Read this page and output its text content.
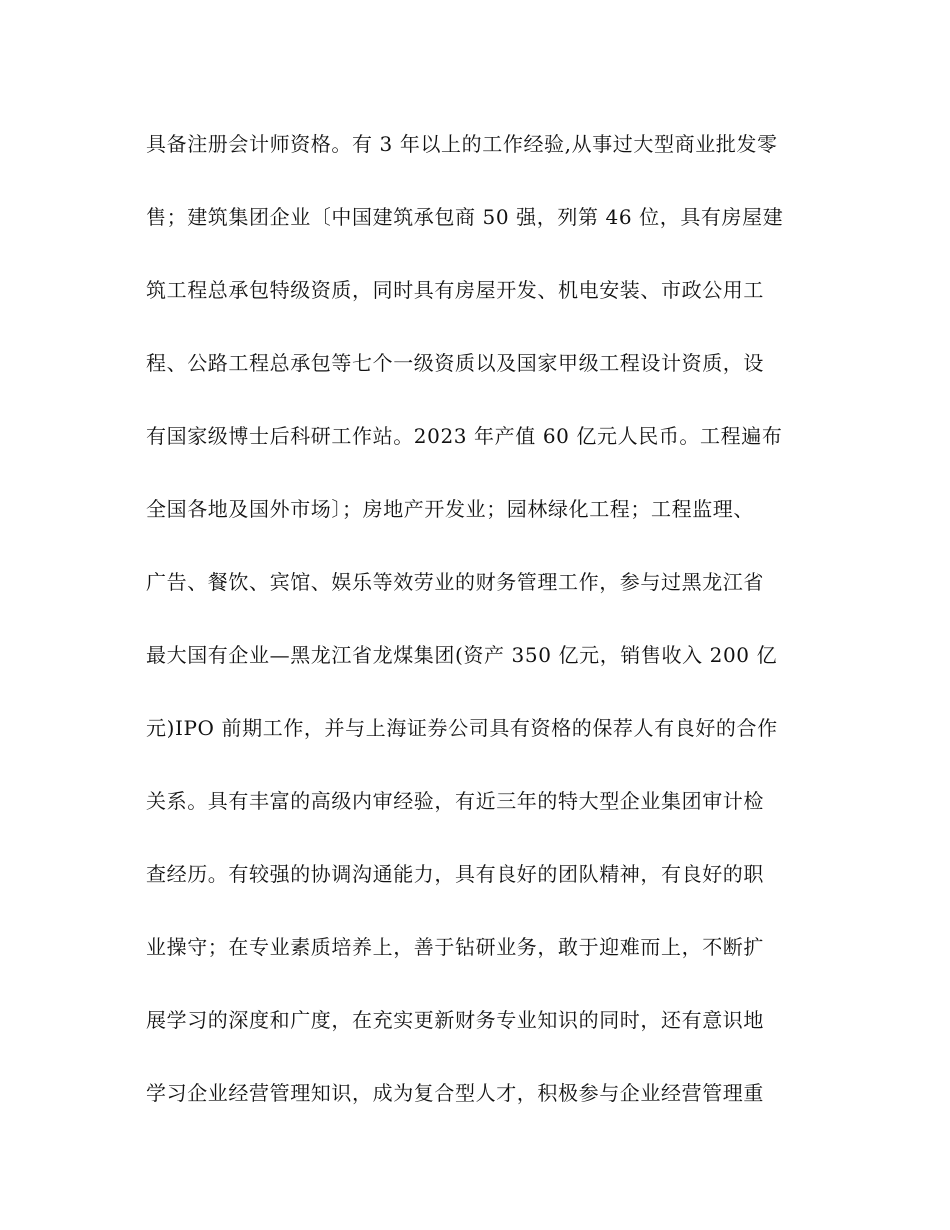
具备注册会计师资格。有 3 年以上的工作经验,从事过大型商业批发零
售；建筑集团企业〔中国建筑承包商 50 强，列第 46 位，具有房屋建
筑工程总承包特级资质，同时具有房屋开发、机电安装、市政公用工
程、公路工程总承包等七个一级资质以及国家甲级工程设计资质，设
有国家级博士后科研工作站。2023 年产值 60 亿元人民币。工程遍布
全国各地及国外市场〕；房地产开发业；园林绿化工程；工程监理、
广告、餐饮、宾馆、娱乐等效劳业的财务管理工作，参与过黑龙江省
最大国有企业—黑龙江省龙煤集团(资产 350 亿元，销售收入 200 亿
元)IPO 前期工作，并与上海证券公司具有资格的保荐人有良好的合作
关系。具有丰富的高级内审经验，有近三年的特大型企业集团审计检
查经历。有较强的协调沟通能力，具有良好的团队精神，有良好的职
业操守；在专业素质培养上，善于钻研业务，敢于迎难而上，不断扩
展学习的深度和广度，在充实更新财务专业知识的同时，还有意识地
学习企业经营管理知识，成为复合型人才，积极参与企业经营管理重
